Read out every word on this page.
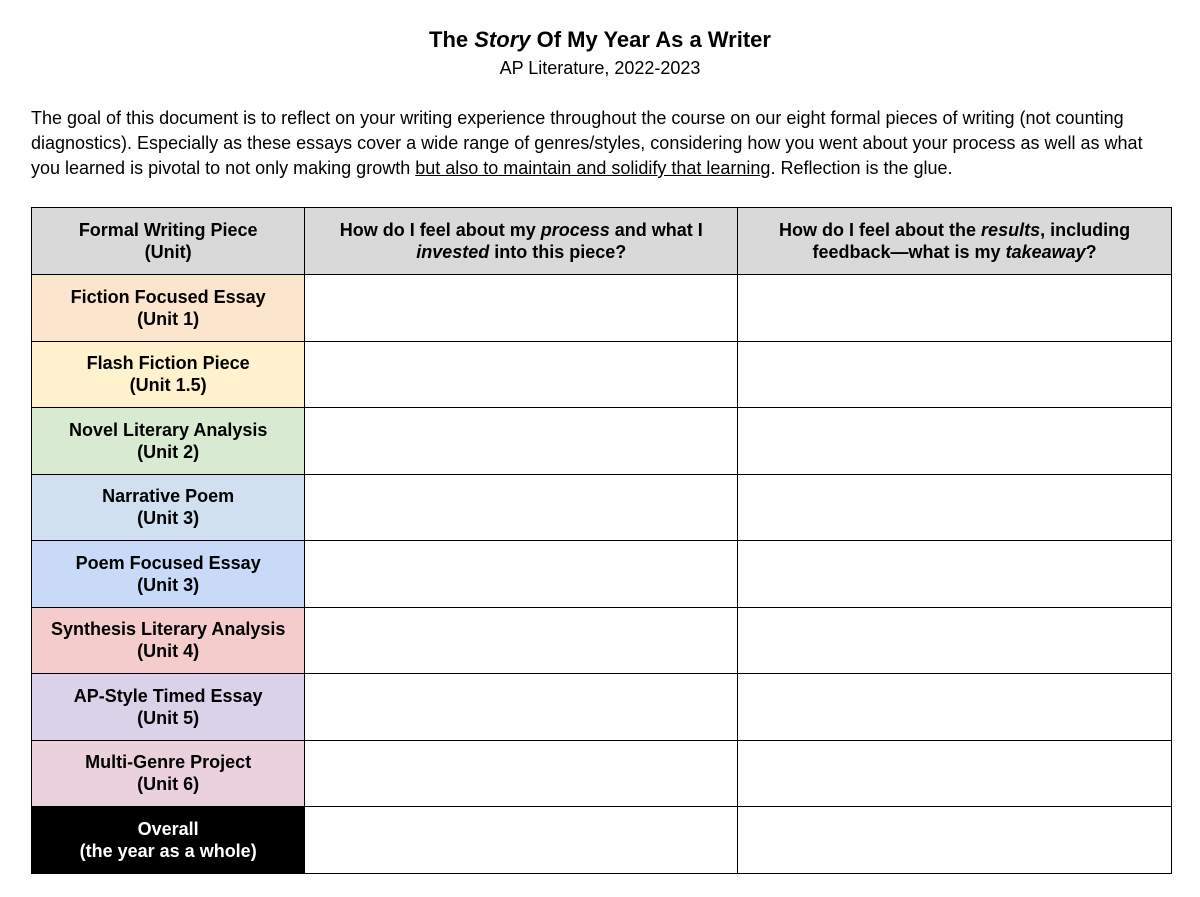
The Story Of My Year As a Writer
AP Literature, 2022-2023
The goal of this document is to reflect on your writing experience throughout the course on our eight formal pieces of writing (not counting diagnostics). Especially as these essays cover a wide range of genres/styles, considering how you went about your process as well as what you learned is pivotal to not only making growth but also to maintain and solidify that learning. Reflection is the glue.
Formal Writing Piece
(Unit)	How do I feel about my process and what I invested into this piece?	How do I feel about the results, including feedback—what is my takeaway?

Fiction Focused Essay
(Unit 1)		

Flash Fiction Piece
(Unit 1.5)		

Novel Literary Analysis
(Unit 2)		

Narrative Poem
(Unit 3)		

Poem Focused Essay
(Unit 3)		

Synthesis Literary Analysis
(Unit 4)		

AP-Style Timed Essay
(Unit 5)		

Multi-Genre Project
(Unit 6)		

Overall
(the year as a whole)		
